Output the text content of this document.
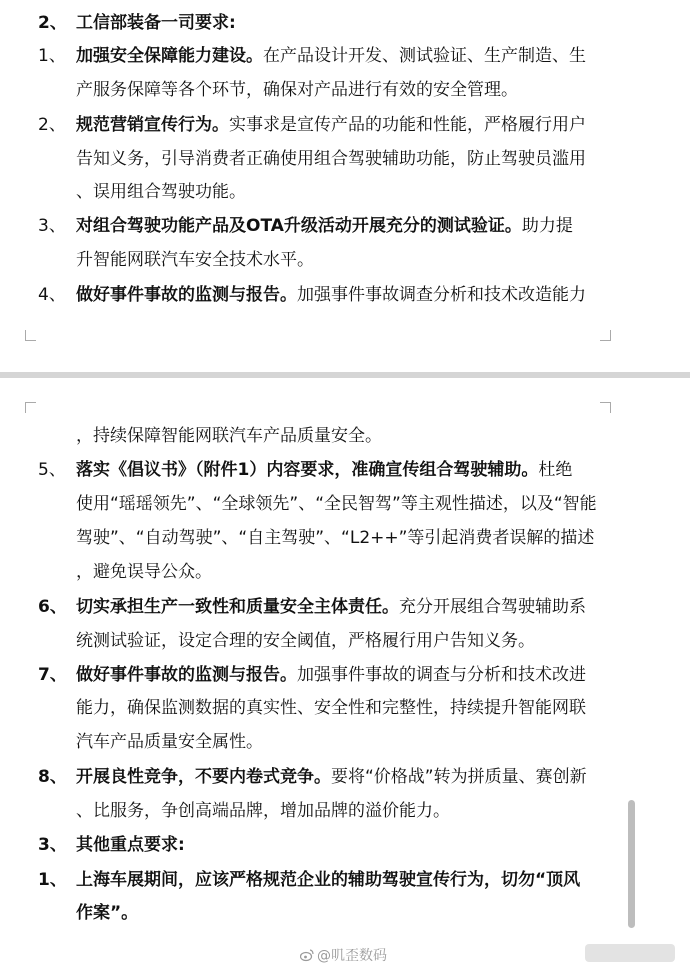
2、 工信部装备一司要求:
1、 加强安全保障能力建设。在产品设计开发、测试验证、生产制造、生
产服务保障等各个环节，确保对产品进行有效的安全管理。
2、 规范营销宣传行为。实事求是宣传产品的功能和性能，严格履行用户
告知义务，引导消费者正确使用组合驾驶辅助功能，防止驾驶员滥用
、误用组合驾驶功能。
3、 对组合驾驶功能产品及OTA升级活动开展充分的测试验证。助力提
升智能网联汽车安全技术水平。
4、 做好事件事故的监测与报告。加强事件事故调查分析和技术改造能力
，持续保障智能网联汽车产品质量安全。
5、 落实《倡议书》（附件1）内容要求，准确宣传组合驾驶辅助。杜绝
使用“瑶瑶领先”、“全球领先”、“全民智驾”等主观性描述，以及“智能
驾驶”、“自动驾驶”、“自主驾驶”、“L2++”等引起消费者误解的描述
，避免误导公众。
6、 切实承担生产一致性和质量安全主体责任。充分开展组合驾驶辅助系
统测试验证，设定合理的安全阈值，严格履行用户告知义务。
7、 做好事件事故的监测与报告。加强事件事故的调查与分析和技术改进
能力，确保监测数据的真实性、安全性和完整性，持续提升智能网联
汽车产品质量安全属性。
8、 开展良性竞争，不要内卷式竞争。要将“价格战”转为拼质量、赛创新
、比服务，争创高端品牌，增加品牌的溢价能力。
3、 其他重点要求:
1、 上海车展期间，应该严格规范企业的辅助驾驶宣传行为，切勿“顶风
作案”。
@叽歪数码
